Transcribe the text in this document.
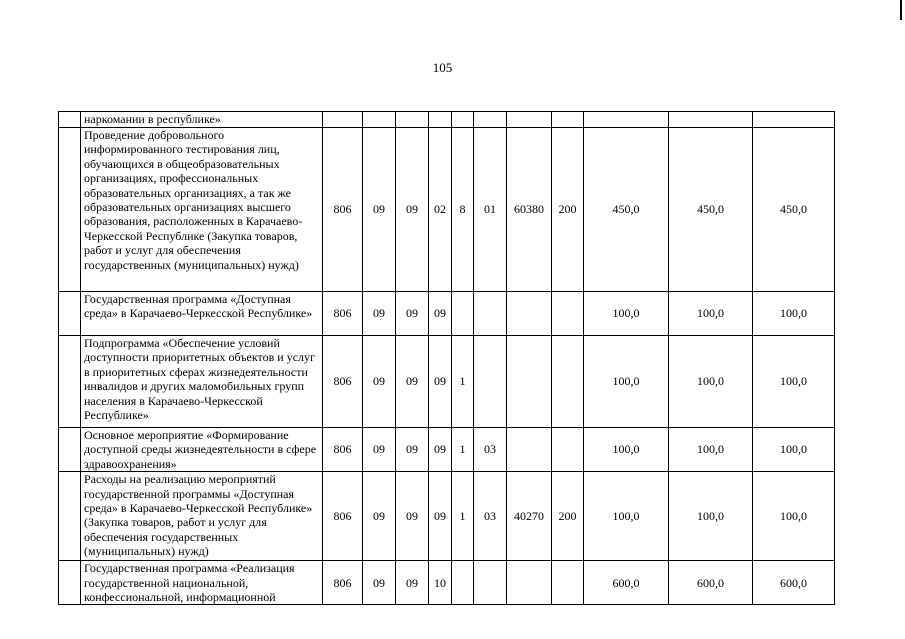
105
	наркомании в республике»											
	Проведение добровольного информированного тестирования лиц, обучающихся в общеобразовательных организациях, профессиональных образовательных организациях, а так же образовательных организациях высшего образования, расположенных в Карачаево-Черкесской Республике (Закупка товаров, работ и услуг для обеспечения государственных (муниципальных) нужд)	806	09	09	02	8	01	60380	200	450,0	450,0	450,0
	Государственная программа «Доступная среда» в Карачаево-Черкесской Республике»	806	09	09	09					100,0	100,0	100,0
	Подпрограмма «Обеспечение условий доступности приоритетных объектов и услуг в приоритетных сферах жизнедеятельности инвалидов и других маломобильных групп населения в Карачаево-Черкесской Республике»	806	09	09	09	1				100,0	100,0	100,0
	Основное мероприятие «Формирование доступной среды жизнедеятельности в сфере здравоохранения»	806	09	09	09	1	03			100,0	100,0	100,0
	Расходы на реализацию мероприятий государственной программы «Доступная среда» в Карачаево-Черкесской Республике» (Закупка товаров, работ и услуг для обеспечения государственных (муниципальных) нужд)	806	09	09	09	1	03	40270	200	100,0	100,0	100,0
	Государственная программа «Реализация государственной национальной, конфессиональной, информационной	806	09	09	10					600,0	600,0	600,0
